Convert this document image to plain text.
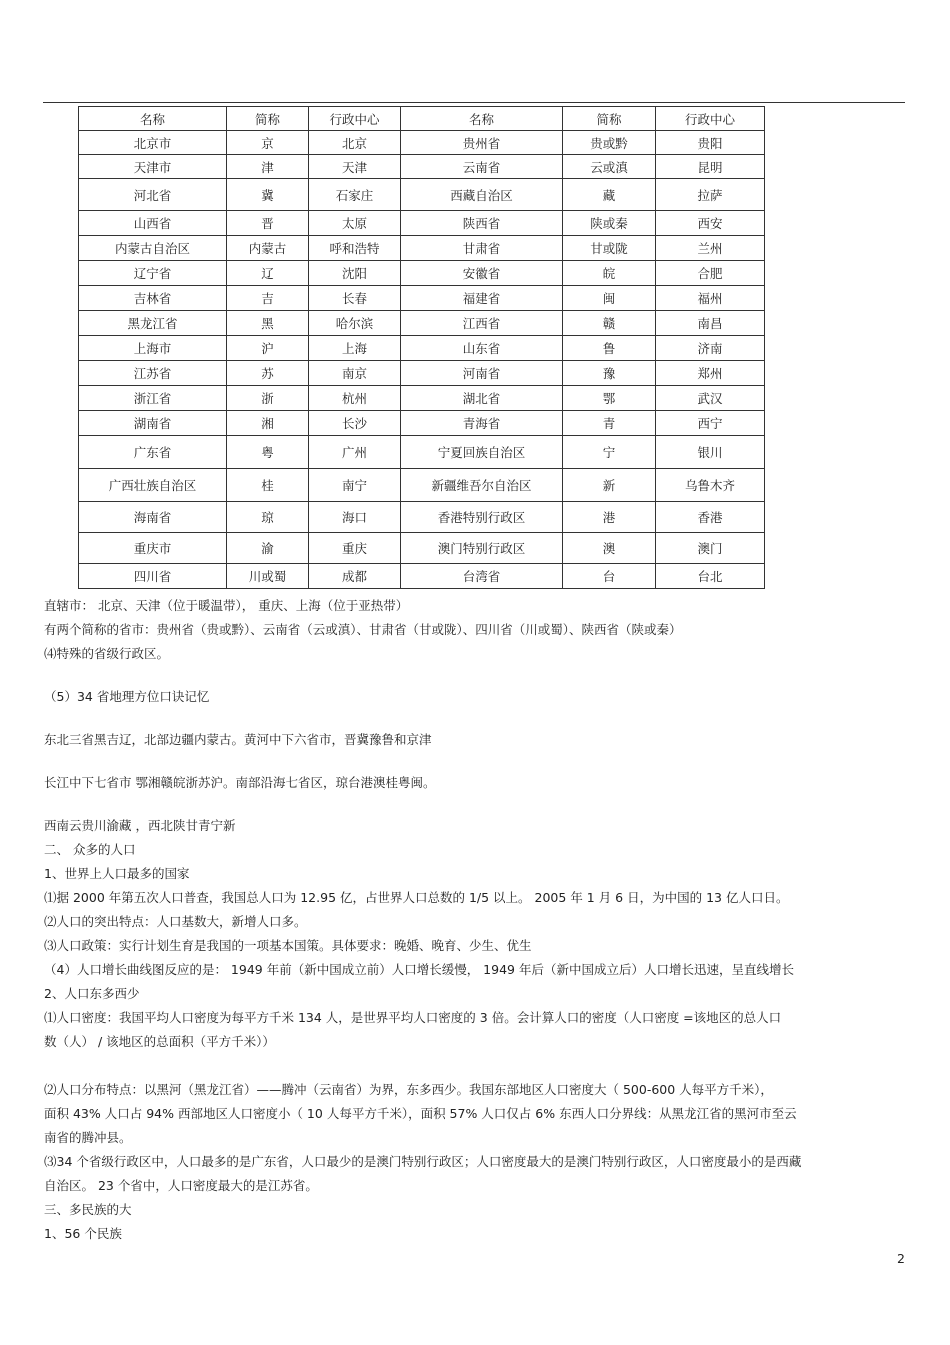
名称	简称	行政中心	名称	简称	行政中心
北京市	京	北京	贵州省	贵或黔	贵阳
天津市	津	天津	云南省	云或滇	昆明
河北省	冀	石家庄	西藏自治区	藏	拉萨
山西省	晋	太原	陕西省	陕或秦	西安
内蒙古自治区	内蒙古	呼和浩特	甘肃省	甘或陇	兰州
辽宁省	辽	沈阳	安徽省	皖	合肥
吉林省	吉	长春	福建省	闽	福州
黑龙江省	黑	哈尔滨	江西省	赣	南昌
上海市	沪	上海	山东省	鲁	济南
江苏省	苏	南京	河南省	豫	郑州
浙江省	浙	杭州	湖北省	鄂	武汉
湖南省	湘	长沙	青海省	青	西宁
广东省	粤	广州	宁夏回族自治区	宁	银川
广西壮族自治区	桂	南宁	新疆维吾尔自治区	新	乌鲁木齐
海南省	琼	海口	香港特别行政区	港	香港
重庆市	渝	重庆	澳门特别行政区	澳	澳门
四川省	川或蜀	成都	台湾省	台	台北
直辖市： 北京、天津（位于暖温带）， 重庆、上海（位于亚热带）
有两个简称的省市：贵州省（贵或黔）、云南省（云或滇）、甘肃省（甘或陇）、四川省（川或蜀）、陕西省（陕或秦）
⑷特殊的省级行政区。
（5）34 省地理方位口诀记忆
东北三省黑吉辽，北部边疆内蒙古。黄河中下六省市，晋冀豫鲁和京津
长江中下七省市 鄂湘赣皖浙苏沪。南部沿海七省区，琼台港澳桂粤闽。
西南云贵川渝藏 ，西北陕甘青宁新
二、 众多的人口
1、世界上人口最多的国家
⑴据 2000 年第五次人口普查，我国总人口为 12.95 亿，占世界人口总数的 1/5 以上。 2005 年 1 月 6 日，为中国的 13 亿人口日。
⑵人口的突出特点：人口基数大，新增人口多。
⑶人口政策：实行计划生育是我国的一项基本国策。具体要求：晚婚、晚育、少生、优生
（4）人口增长曲线图反应的是： 1949 年前（新中国成立前）人口增长缓慢， 1949 年后（新中国成立后）人口增长迅速，呈直线增长
2、人口东多西少
⑴人口密度：我国平均人口密度为每平方千米 134 人，是世界平均人口密度的 3 倍。会计算人口的密度（人口密度 =该地区的总人口
数（人） / 该地区的总面积（平方千米））
⑵人口分布特点：以黑河（黑龙江省）——腾冲（云南省）为界，东多西少。我国东部地区人口密度大（ 500-600 人每平方千米），
面积 43% 人口占 94% 西部地区人口密度小（ 10 人每平方千米），面积 57% 人口仅占 6% 东西人口分界线：从黑龙江省的黑河市至云
南省的腾冲县。
⑶34 个省级行政区中，人口最多的是广东省，人口最少的是澳门特别行政区；人口密度最大的是澳门特别行政区，人口密度最小的是西藏
自治区。 23 个省中，人口密度最大的是江苏省。
三、多民族的大
1、56 个民族
2
